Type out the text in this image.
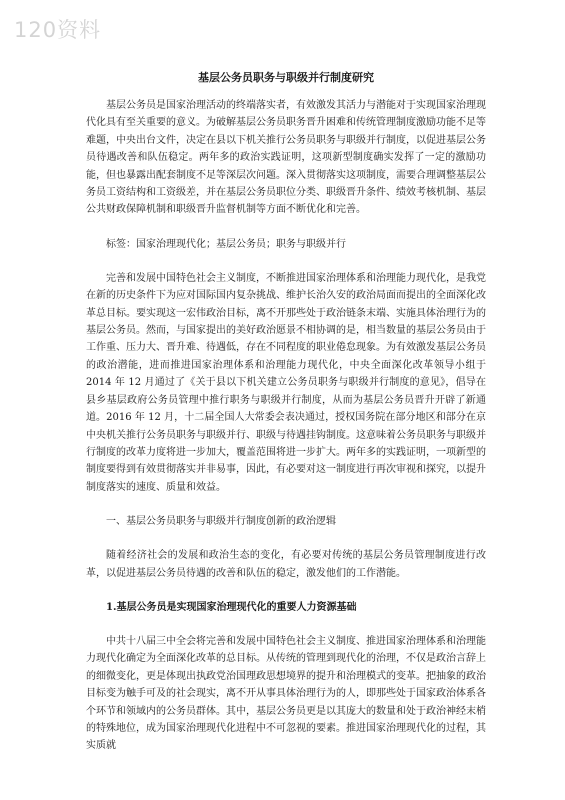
120资料
基层公务员职务与职级并行制度研究

基层公务员是国家治理活动的终端落实者，有效激发其活力与潜能对于实现国家治理现代化具有至关重要的意义。为破解基层公务员职务晋升困难和传统管理制度激励功能不足等难题，中央出台文件，决定在县以下机关推行公务员职务与职级并行制度，以促进基层公务员待遇改善和队伍稳定。两年多的政治实践证明，这项新型制度确实发挥了一定的激励功能，但也暴露出配套制度不足等深层次问题。深入贯彻落实这项制度，需要合理调整基层公务员工资结构和工资级差，并在基层公务员职位分类、职级晋升条件、绩效考核机制、基层公共财政保障机制和职级晋升监督机制等方面不断优化和完善。

标签：国家治理现代化；基层公务员；职务与职级并行

完善和发展中国特色社会主义制度，不断推进国家治理体系和治理能力现代化，是我党在新的历史条件下为应对国际国内复杂挑战、维护长治久安的政治局面而提出的全面深化改革总目标。要实现这一宏伟政治目标，离不开那些处于政治链条末端、实施具体治理行为的基层公务员。然而，与国家提出的美好政治愿景不相协调的是，相当数量的基层公务员由于工作重、压力大、晋升难、待遇低，存在不同程度的职业倦怠现象。为有效激发基层公务员的政治潜能，进而推进国家治理体系和治理能力现代化，中央全面深化改革领导小组于 2014 年 12 月通过了《关于县以下机关建立公务员职务与职级并行制度的意见》，倡导在县乡基层政府公务员管理中推行职务与职级并行制度，从而为基层公务员晋升开辟了新通道。2016 年 12 月，十二届全国人大常委会表决通过，授权国务院在部分地区和部分在京中央机关推行公务员职务与职级并行、职级与待遇挂钩制度。这意味着公务员职务与职级并行制度的改革力度将进一步加大，覆盖范围将进一步扩大。两年多的实践证明，一项新型的制度要得到有效贯彻落实并非易事，因此，有必要对这一制度进行再次审视和探究，以提升制度落实的速度、质量和效益。

一、基层公务员职务与职级并行制度创新的政治逻辑

随着经济社会的发展和政治生态的变化，有必要对传统的基层公务员管理制度进行改革，以促进基层公务员待遇的改善和队伍的稳定，激发他们的工作潜能。

1.基层公务员是实现国家治理现代化的重要人力资源基础

中共十八届三中全会将完善和发展中国特色社会主义制度、推进国家治理体系和治理能力现代化确定为全面深化改革的总目标。从传统的管理到现代化的治理，不仅是政治言辞上的细微变化，更是体现出执政党治国理政思想境界的提升和治理模式的变革。把抽象的政治目标变为触手可及的社会现实，离不开从事具体治理行为的人，即那些处于国家政治体系各个环节和领域内的公务员群体。其中，基层公务员更是以其庞大的数量和处于政治神经末梢的特殊地位，成为国家治理现代化进程中不可忽视的要素。推进国家治理现代化的过程，其实质就
